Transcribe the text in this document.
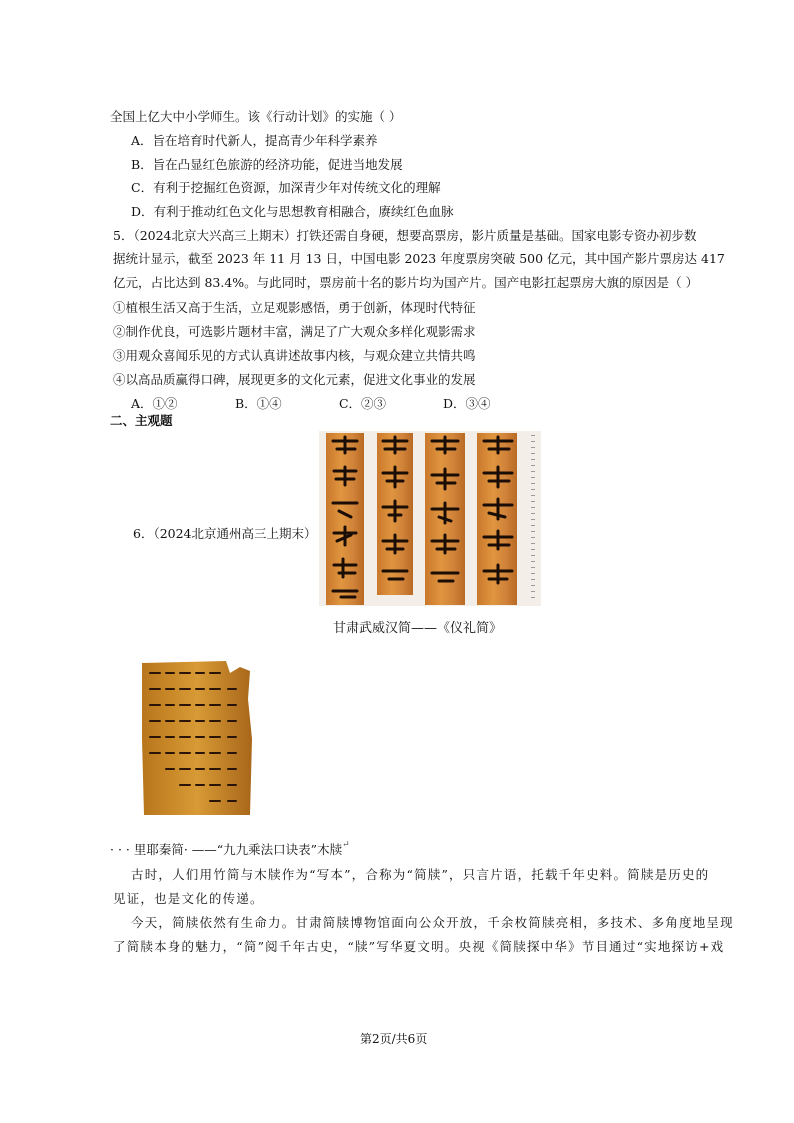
全国上亿大中小学师生。该《行动计划》的实施（ ）
A．旨在培育时代新人，提高青少年科学素养
B．旨在凸显红色旅游的经济功能，促进当地发展
C．有利于挖掘红色资源，加深青少年对传统文化的理解
D．有利于推动红色文化与思想教育相融合，赓续红色血脉
5．（2024北京大兴高三上期末）打铁还需自身硬，想要高票房，影片质量是基础。国家电影专资办初步数
据统计显示，截至 2023 年 11 月 13 日，中国电影 2023 年度票房突破 500 亿元，其中国产影片票房达 417
亿元，占比达到 83.4%。与此同时，票房前十名的影片均为国产片。国产电影扛起票房大旗的原因是（ ）
①植根生活又高于生活，立足观影感悟，勇于创新，体现时代特征
②制作优良，可选影片题材丰富，满足了广大观众多样化观影需求
③用观众喜闻乐见的方式认真讲述故事内核，与观众建立共情共鸣
④以高品质赢得口碑，展现更多的文化元素，促进文化事业的发展
A．①②	B．①④	C．②③	D．③④
二、主观题
6．（2024北京通州高三上期末）
甘肃武威汉简——《仪礼简》
· · · 里耶秦简· ——“九九乘法口诀表”木牍↵
古时，人们用竹简与木牍作为“写本”，合称为“简牍”，只言片语，托载千年史料。简牍是历史的
见证，也是文化的传递。
今天，简牍依然有生命力。甘肃简牍博物馆面向公众开放，千余枚简牍亮相，多技术、多角度地呈现
了简牍本身的魅力，“简”阅千年古史，“牍”写华夏文明。央视《简牍探中华》节目通过“实地探访+戏
第2页/共6页
